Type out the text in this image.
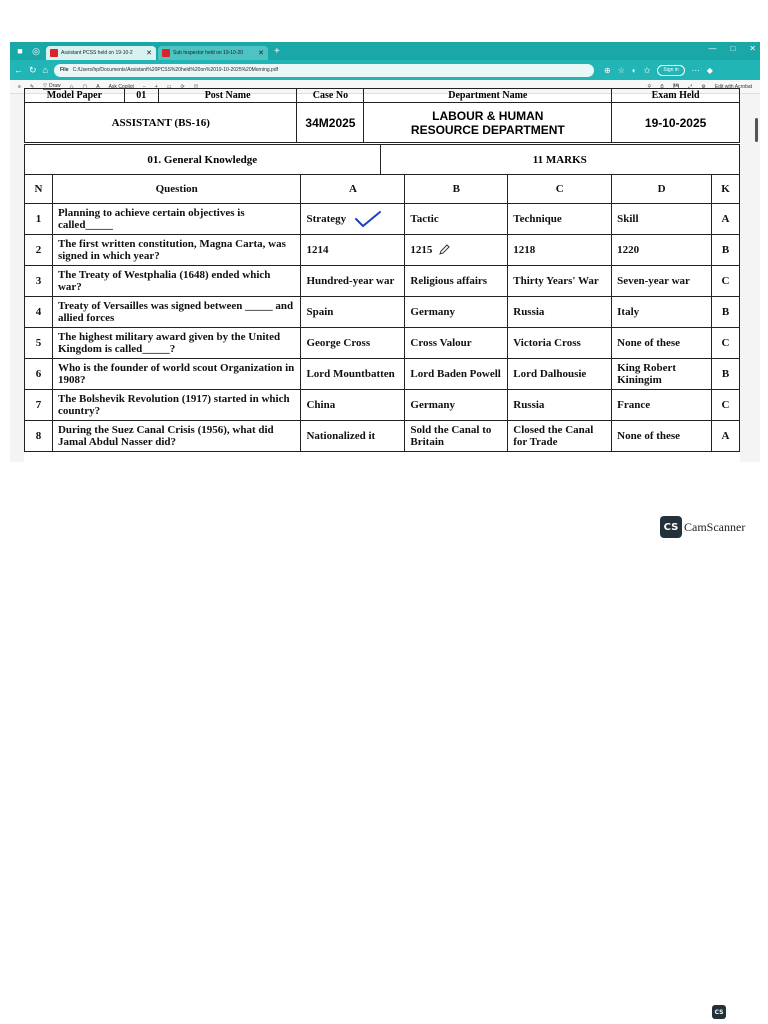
■	◎	Assistant PCSS held on 19-10-2	✕	Sub Inspector held on 19-10-20	✕ +	— □ ✕
← ↻ ⌂ File C:/Users/hp/Documents/Assistant%20PCSS%20held%20on%2019-10-2025%20Morning.pdf	⊕ ☆ ◐ ✩	Sign in	⋯ ◆
≡ ✎ ▽ Draw ◇ ▢ A Ask Copilot − + ▭ ⟳ ◫	⚲ ⎙ 💾 ⤢ ⚙ Edit with Acrobat
Model Paper	01	Post Name	Case No	Department Name	Exam Held
ASSISTANT (BS-16)			34M2025	LABOUR & HUMAN RESOURCE DEPARTMENT	19-10-2025
01. General Knowledge	11 MARKS
N	Question	A	B	C	D	K
1	Planning to achieve certain objectives is called_____	Strategy	Tactic	Technique	Skill	A
2	The first written constitution, Magna Carta, was signed in which year?	1214	1215	1218	1220	B
3	The Treaty of Westphalia (1648) ended which war?	Hundred-year war	Religious affairs	Thirty Years' War	Seven-year war	C
4	Treaty of Versailles was signed between _____ and allied forces	Spain	Germany	Russia	Italy	B
5	The highest military award given by the United Kingdom is called_____?	George Cross	Cross Valour	Victoria Cross	None of these	C
6	Who is the founder of world scout Organization in 1908?	Lord Mountbatten	Lord Baden Powell	Lord Dalhousie	King Robert Kiningim	B
7	The Bolshevik Revolution (1917) started in which country?	China	Germany	Russia	France	C
8	During the Suez Canal Crisis (1956), what did Jamal Abdul Nasser did?	Nationalized it	Sold the Canal to Britain	Closed the Canal for Trade	None of these	A
CS CamScanner
CS
